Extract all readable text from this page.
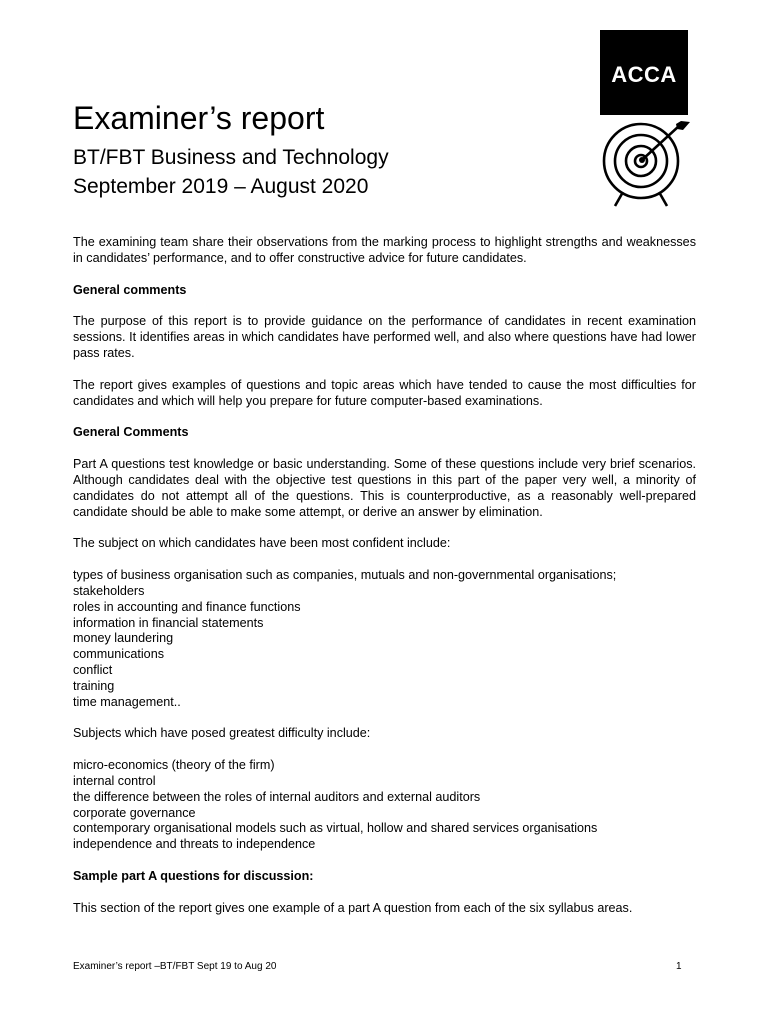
ACCA
Examiner’s report
BT/FBT Business and Technology
September 2019 – August 2020

The examining team share their observations from the marking process to highlight strengths and weaknesses in candidates’ performance, and to offer constructive advice for future candidates.

General comments

The purpose of this report is to provide guidance on the performance of candidates in recent examination sessions. It identifies areas in which candidates have performed well, and also where questions have had lower pass rates.

The report gives examples of questions and topic areas which have tended to cause the most difficulties for candidates and which will help you prepare for future computer-based examinations.

General Comments

Part A questions test knowledge or basic understanding. Some of these questions include very brief scenarios. Although candidates deal with the objective test questions in this part of the paper very well, a minority of candidates do not attempt all of the questions. This is counterproductive, as a reasonably well-prepared candidate should be able to make some attempt, or derive an answer by elimination.

The subject on which candidates have been most confident include:

types of business organisation such as companies, mutuals and non-governmental organisations;
stakeholders
roles in accounting and finance functions
information in financial statements
money laundering
communications
conflict
training
time management..

Subjects which have posed greatest difficulty include:

micro-economics (theory of the firm)
internal control
the difference between the roles of internal auditors and external auditors
corporate governance
contemporary organisational models such as virtual, hollow and shared services organisations
independence and threats to independence
Sample part A questions for discussion:

This section of the report gives one example of a part A question from each of the six syllabus areas.

Examiner’s report –BT/FBT Sept 19 to Aug 20	1
